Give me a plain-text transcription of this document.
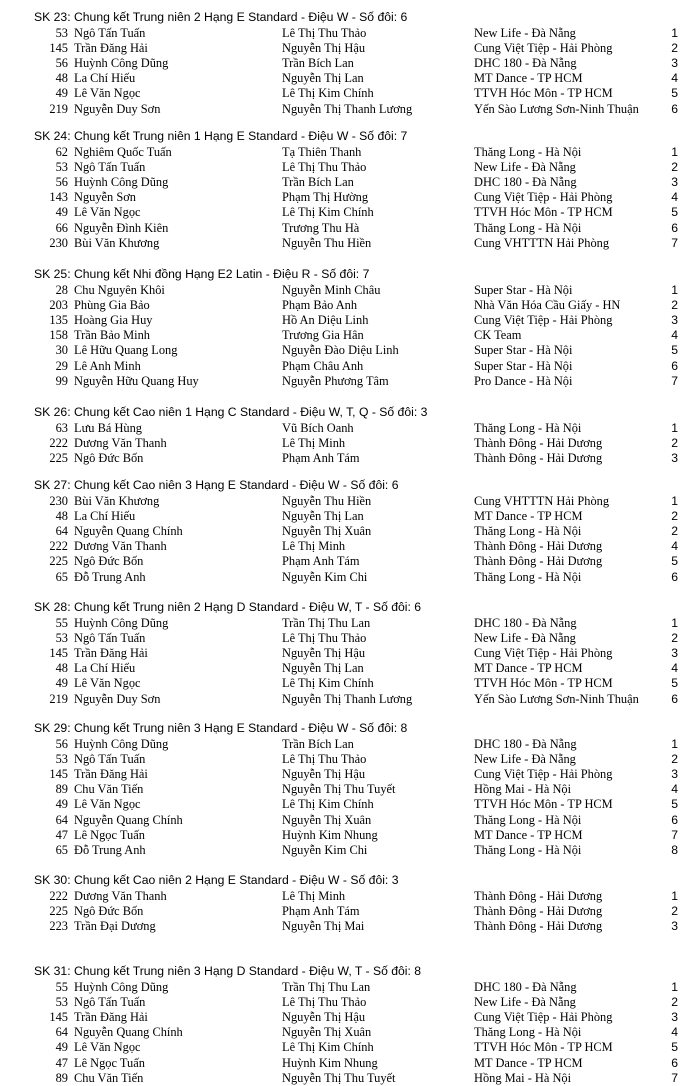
SK 23: Chung kết Trung niên 2 Hạng E Standard - Điệu W - Số đôi: 6
53 Ngô Tấn Tuấn	Lê Thị Thu Thảo	New Life - Đà Nẵng	1
145 Trần Đăng Hải	Nguyễn Thị Hậu	Cung Việt Tiệp - Hải Phòng	2
56 Huỳnh Công Dũng	Trần Bích Lan	DHC 180 - Đà Nẵng	3
48 La Chí Hiếu	Nguyễn Thị Lan	MT Dance - TP HCM	4
49 Lê Văn Ngọc	Lê Thị Kim Chính	TTVH Hóc Môn - TP HCM	5
219 Nguyễn Duy Sơn	Nguyễn Thị Thanh Lương	Yến Sào Lương Sơn-Ninh Thuận	6
SK 24: Chung kết Trung niên 1 Hạng E Standard - Điệu W - Số đôi: 7
62 Nghiêm Quốc Tuấn	Tạ Thiên Thanh	Thăng Long - Hà Nội	1
53 Ngô Tấn Tuấn	Lê Thị Thu Thảo	New Life - Đà Nẵng	2
56 Huỳnh Công Dũng	Trần Bích Lan	DHC 180 - Đà Nẵng	3
143 Nguyễn Sơn	Phạm Thị Hường	Cung Việt Tiệp - Hải Phòng	4
49 Lê Văn Ngọc	Lê Thị Kim Chính	TTVH Hóc Môn - TP HCM	5
66 Nguyễn Đình Kiên	Trương Thu Hà	Thăng Long - Hà Nội	6
230 Bùi Văn Khương	Nguyễn Thu Hiền	Cung VHTTTN Hải Phòng	7
SK 25: Chung kết Nhi đồng Hạng E2 Latin - Điệu R - Số đôi: 7
28 Chu Nguyên Khôi	Nguyễn Minh Châu	Super Star - Hà Nội	1
203 Phùng Gia Bảo	Phạm Bảo Anh	Nhà Văn Hóa Cầu Giấy - HN	2
135 Hoàng Gia Huy	Hồ An Diệu Linh	Cung Việt Tiệp - Hải Phòng	3
158 Trần Bảo Minh	Trương Gia Hân	CK Team	4
30 Lê Hữu Quang Long	Nguyễn Đào Diệu Linh	Super Star - Hà Nội	5
29 Lê Anh Minh	Phạm Châu Anh	Super Star - Hà Nội	6
99 Nguyễn Hữu Quang Huy	Nguyễn Phương Tâm	Pro Dance - Hà Nội	7
SK 26: Chung kết Cao niên 1 Hạng C Standard - Điệu W, T, Q - Số đôi: 3
63 Lưu Bá Hùng	Vũ Bích Oanh	Thăng Long - Hà Nội	1
222 Dương Văn Thanh	Lê Thị Minh	Thành Đông - Hải Dương	2
225 Ngô Đức Bốn	Phạm Anh Tám	Thành Đông - Hải Dương	3
SK 27: Chung kết Cao niên 3 Hạng E Standard - Điệu W - Số đôi: 6
230 Bùi Văn Khương	Nguyễn Thu Hiền	Cung VHTTTN Hải Phòng	1
48 La Chí Hiếu	Nguyễn Thị Lan	MT Dance - TP HCM	2
64 Nguyễn Quang Chính	Nguyễn Thị Xuân	Thăng Long - Hà Nội	2
222 Dương Văn Thanh	Lê Thị Minh	Thành Đông - Hải Dương	4
225 Ngô Đức Bốn	Phạm Anh Tám	Thành Đông - Hải Dương	5
65 Đỗ Trung Anh	Nguyễn Kim Chi	Thăng Long - Hà Nội	6
SK 28: Chung kết Trung niên 2 Hạng D Standard - Điệu W, T - Số đôi: 6
55 Huỳnh Công Dũng	Trần Thị Thu Lan	DHC 180 - Đà Nẵng	1
53 Ngô Tấn Tuấn	Lê Thị Thu Thảo	New Life - Đà Nẵng	2
145 Trần Đăng Hải	Nguyễn Thị Hậu	Cung Việt Tiệp - Hải Phòng	3
48 La Chí Hiếu	Nguyễn Thị Lan	MT Dance - TP HCM	4
49 Lê Văn Ngọc	Lê Thị Kim Chính	TTVH Hóc Môn - TP HCM	5
219 Nguyễn Duy Sơn	Nguyễn Thị Thanh Lương	Yến Sào Lương Sơn-Ninh Thuận	6
SK 29: Chung kết Trung niên 3 Hạng E Standard - Điệu W - Số đôi: 8
56 Huỳnh Công Dũng	Trần Bích Lan	DHC 180 - Đà Nẵng	1
53 Ngô Tấn Tuấn	Lê Thị Thu Thảo	New Life - Đà Nẵng	2
145 Trần Đăng Hải	Nguyễn Thị Hậu	Cung Việt Tiệp - Hải Phòng	3
89 Chu Văn Tiến	Nguyễn Thị Thu Tuyết	Hồng Mai - Hà Nội	4
49 Lê Văn Ngọc	Lê Thị Kim Chính	TTVH Hóc Môn - TP HCM	5
64 Nguyễn Quang Chính	Nguyễn Thị Xuân	Thăng Long - Hà Nội	6
47 Lê Ngọc Tuấn	Huỳnh Kim Nhung	MT Dance - TP HCM	7
65 Đỗ Trung Anh	Nguyễn Kim Chi	Thăng Long - Hà Nội	8
SK 30: Chung kết Cao niên 2 Hạng E Standard - Điệu W - Số đôi: 3
222 Dương Văn Thanh	Lê Thị Minh	Thành Đông - Hải Dương	1
225 Ngô Đức Bốn	Phạm Anh Tám	Thành Đông - Hải Dương	2
223 Trần Đại Dương	Nguyễn Thị Mai	Thành Đông - Hải Dương	3
SK 31: Chung kết Trung niên 3 Hạng D Standard - Điệu W, T - Số đôi: 8
55 Huỳnh Công Dũng	Trần Thị Thu Lan	DHC 180 - Đà Nẵng	1
53 Ngô Tấn Tuấn	Lê Thị Thu Thảo	New Life - Đà Nẵng	2
145 Trần Đăng Hải	Nguyễn Thị Hậu	Cung Việt Tiệp - Hải Phòng	3
64 Nguyễn Quang Chính	Nguyễn Thị Xuân	Thăng Long - Hà Nội	4
49 Lê Văn Ngọc	Lê Thị Kim Chính	TTVH Hóc Môn - TP HCM	5
47 Lê Ngọc Tuấn	Huỳnh Kim Nhung	MT Dance - TP HCM	6
89 Chu Văn Tiến	Nguyễn Thị Thu Tuyết	Hồng Mai - Hà Nội	7
